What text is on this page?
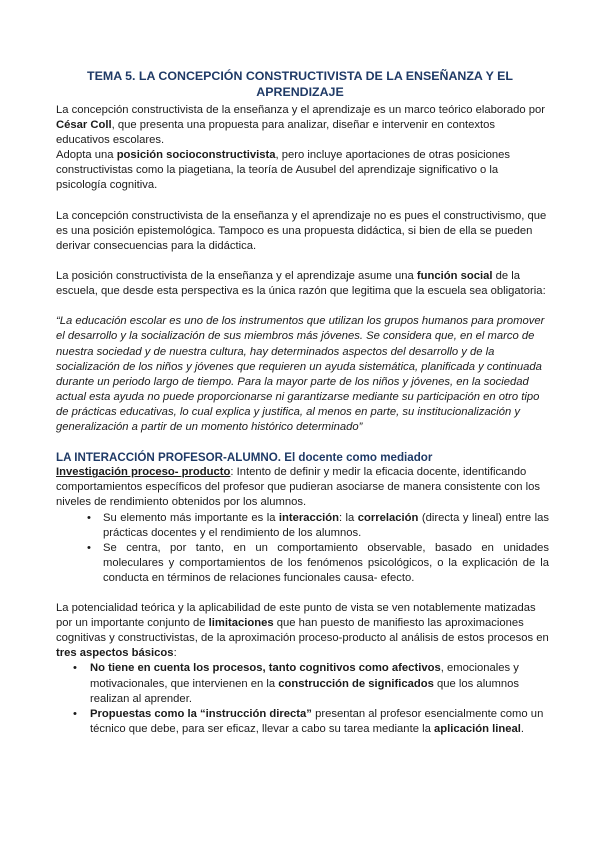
TEMA 5. LA CONCEPCIÓN CONSTRUCTIVISTA DE LA ENSEÑANZA Y EL
APRENDIZAJE

La concepción constructivista de la enseñanza y el aprendizaje es un marco teórico elaborado por César Coll, que presenta una propuesta para analizar, diseñar e intervenir en contextos educativos escolares.

Adopta una posición socioconstructivista, pero incluye aportaciones de otras posiciones constructivistas como la piagetiana, la teoría de Ausubel del aprendizaje significativo o la psicología cognitiva.

La concepción constructivista de la enseñanza y el aprendizaje no es pues el constructivismo, que es una posición epistemológica. Tampoco es una propuesta didáctica, si bien de ella se pueden derivar consecuencias para la didáctica.

La posición constructivista de la enseñanza y el aprendizaje asume una función social de la escuela, que desde esta perspectiva es la única razón que legitima que la escuela sea obligatoria:

“La educación escolar es uno de los instrumentos que utilizan los grupos humanos para promover el desarrollo y la socialización de sus miembros más jóvenes. Se considera que, en el marco de nuestra sociedad y de nuestra cultura, hay determinados aspectos del desarrollo y de la socialización de los niños y jóvenes que requieren un ayuda sistemática, planificada y continuada durante un periodo largo de tiempo. Para la mayor parte de los niños y jóvenes, en la sociedad actual esta ayuda no puede proporcionarse ni garantizarse mediante su participación en otro tipo de prácticas educativas, lo cual explica y justifica, al menos en parte, su institucionalización y generalización a partir de un momento histórico determinado”

LA INTERACCIÓN PROFESOR-ALUMNO. El docente como mediador

Investigación proceso- producto: Intento de definir y medir la eficacia docente, identificando comportamientos específicos del profesor que pudieran asociarse de manera consistente con los niveles de rendimiento obtenidos por los alumnos.

• Su elemento más importante es la interacción: la correlación (directa y lineal) entre las prácticas docentes y el rendimiento de los alumnos.
• Se centra, por tanto, en un comportamiento observable, basado en unidades moleculares y comportamientos de los fenómenos psicológicos, o la explicación de la conducta en términos de relaciones funcionales causa- efecto.

La potencialidad teórica y la aplicabilidad de este punto de vista se ven notablemente matizadas por un importante conjunto de limitaciones que han puesto de manifiesto las aproximaciones cognitivas y constructivistas, de la aproximación proceso-producto al análisis de estos procesos en tres aspectos básicos:

• No tiene en cuenta los procesos, tanto cognitivos como afectivos, emocionales y motivacionales, que intervienen en la construcción de significados que los alumnos realizan al aprender.
• Propuestas como la “instrucción directa” presentan al profesor esencialmente como un técnico que debe, para ser eficaz, llevar a cabo su tarea mediante la aplicación lineal.
